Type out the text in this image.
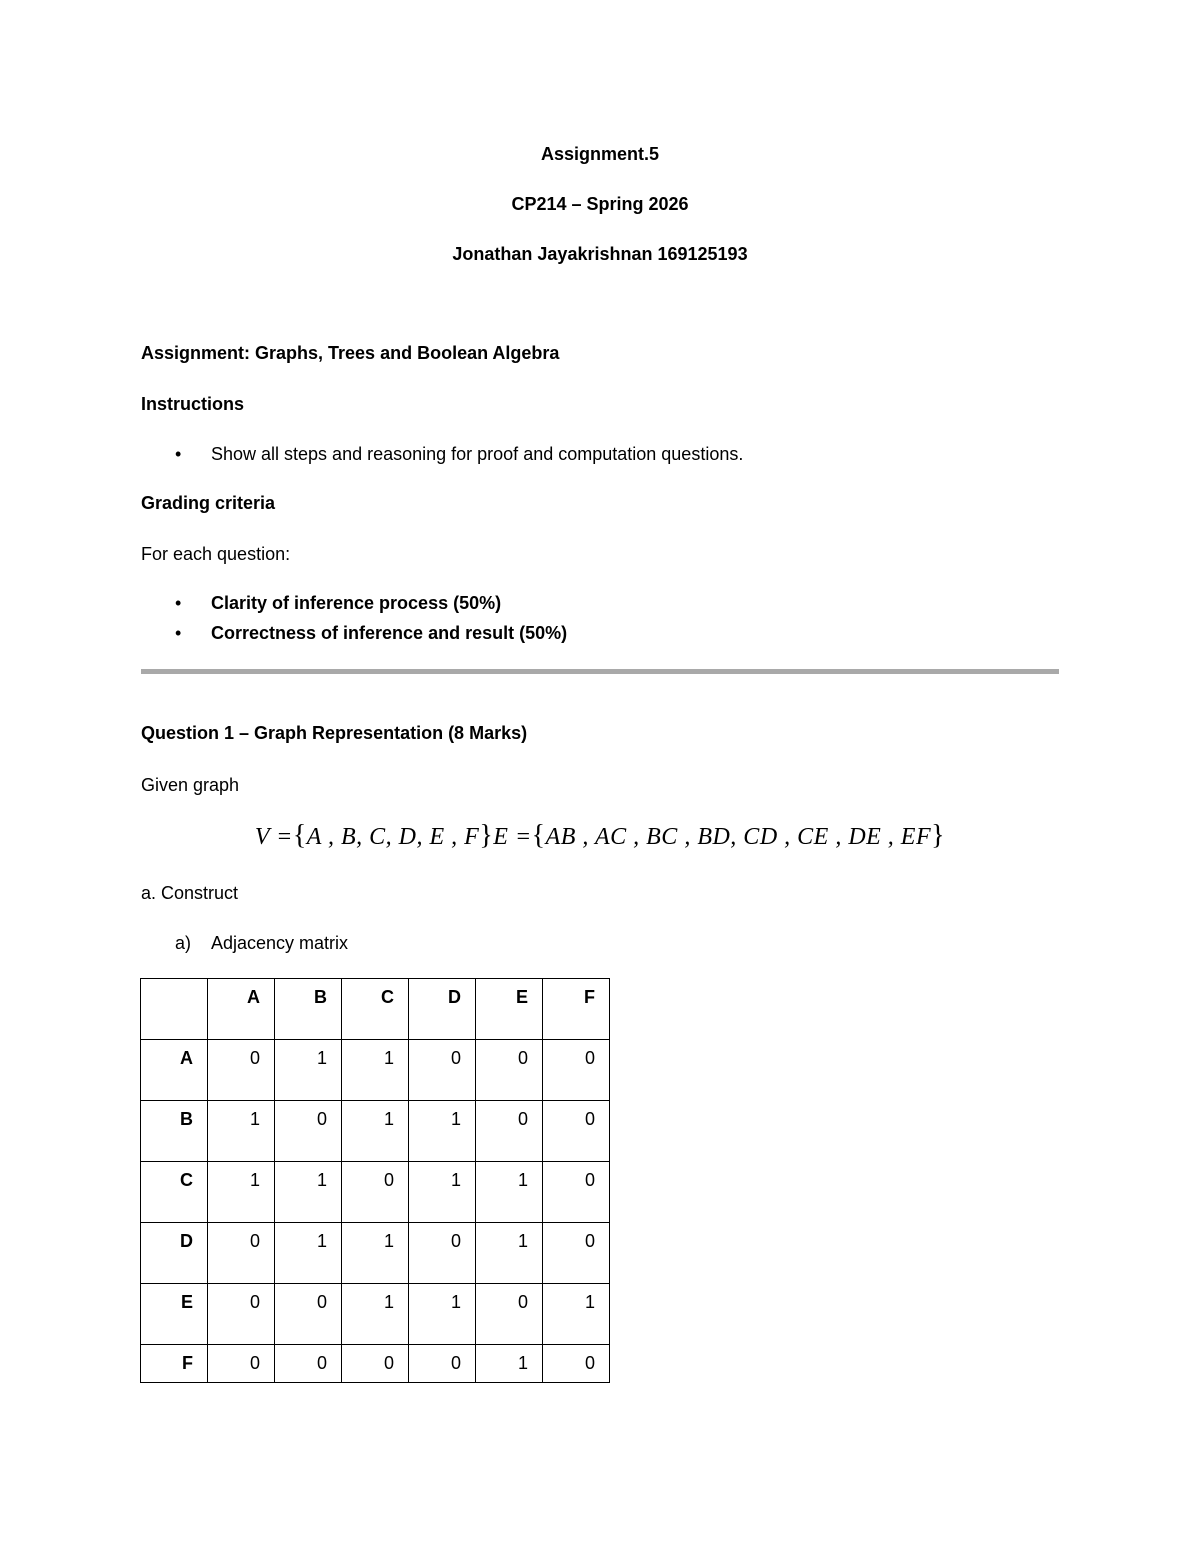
Assignment.5
CP214 – Spring 2026
Jonathan Jayakrishnan 169125193
Assignment: Graphs, Trees and Boolean Algebra
Instructions
• Show all steps and reasoning for proof and computation questions.
Grading criteria
For each question:
• Clarity of inference process (50%)
• Correctness of inference and result (50%)
Question 1 – Graph Representation (8 Marks)
Given graph
V ={A , B, C, D, E , F}E ={AB , AC , BC , BD, CD , CE , DE , EF}
a. Construct
a) Adjacency matrix
	A	B	C	D	E	F
A	0	1	1	0	0	0
B	1	0	1	1	0	0
C	1	1	0	1	1	0
D	0	1	1	0	1	0
E	0	0	1	1	0	1
F	0	0	0	0	1	0
